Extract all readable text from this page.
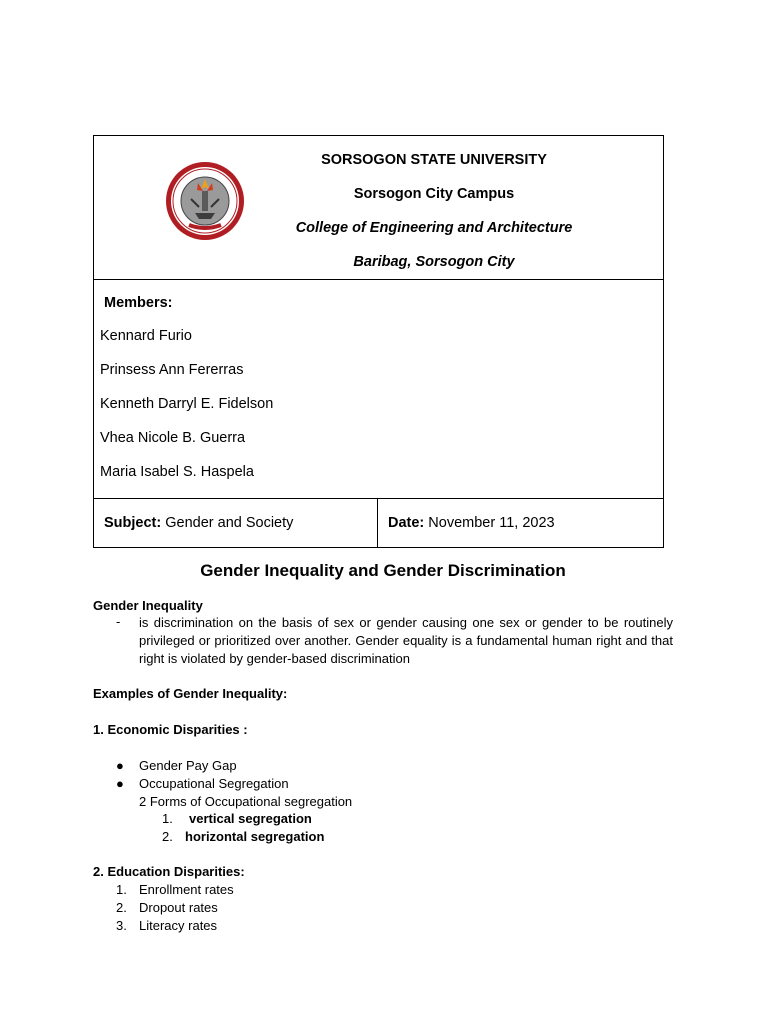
SORSOGON STATE UNIVERSITY
Sorsogon City Campus
College of Engineering and Architecture
Baribag, Sorsogon City
Members:
Kennard Furio
Prinsess Ann Fererras
Kenneth Darryl E. Fidelson
Vhea Nicole B. Guerra
Maria Isabel S. Haspela
Subject: Gender and Society	Date: November 11, 2023
Gender Inequality and Gender Discrimination
Gender Inequality
- is discrimination on the basis of sex or gender causing one sex or gender to be routinely privileged or prioritized over another. Gender equality is a fundamental human right and that right is violated by gender-based discrimination
Examples of Gender Inequality:
1. Economic Disparities :
● Gender Pay Gap
● Occupational Segregation
2 Forms of Occupational segregation
1. vertical segregation
2. horizontal segregation
2. Education Disparities:
1. Enrollment rates
2. Dropout rates
3. Literacy rates
